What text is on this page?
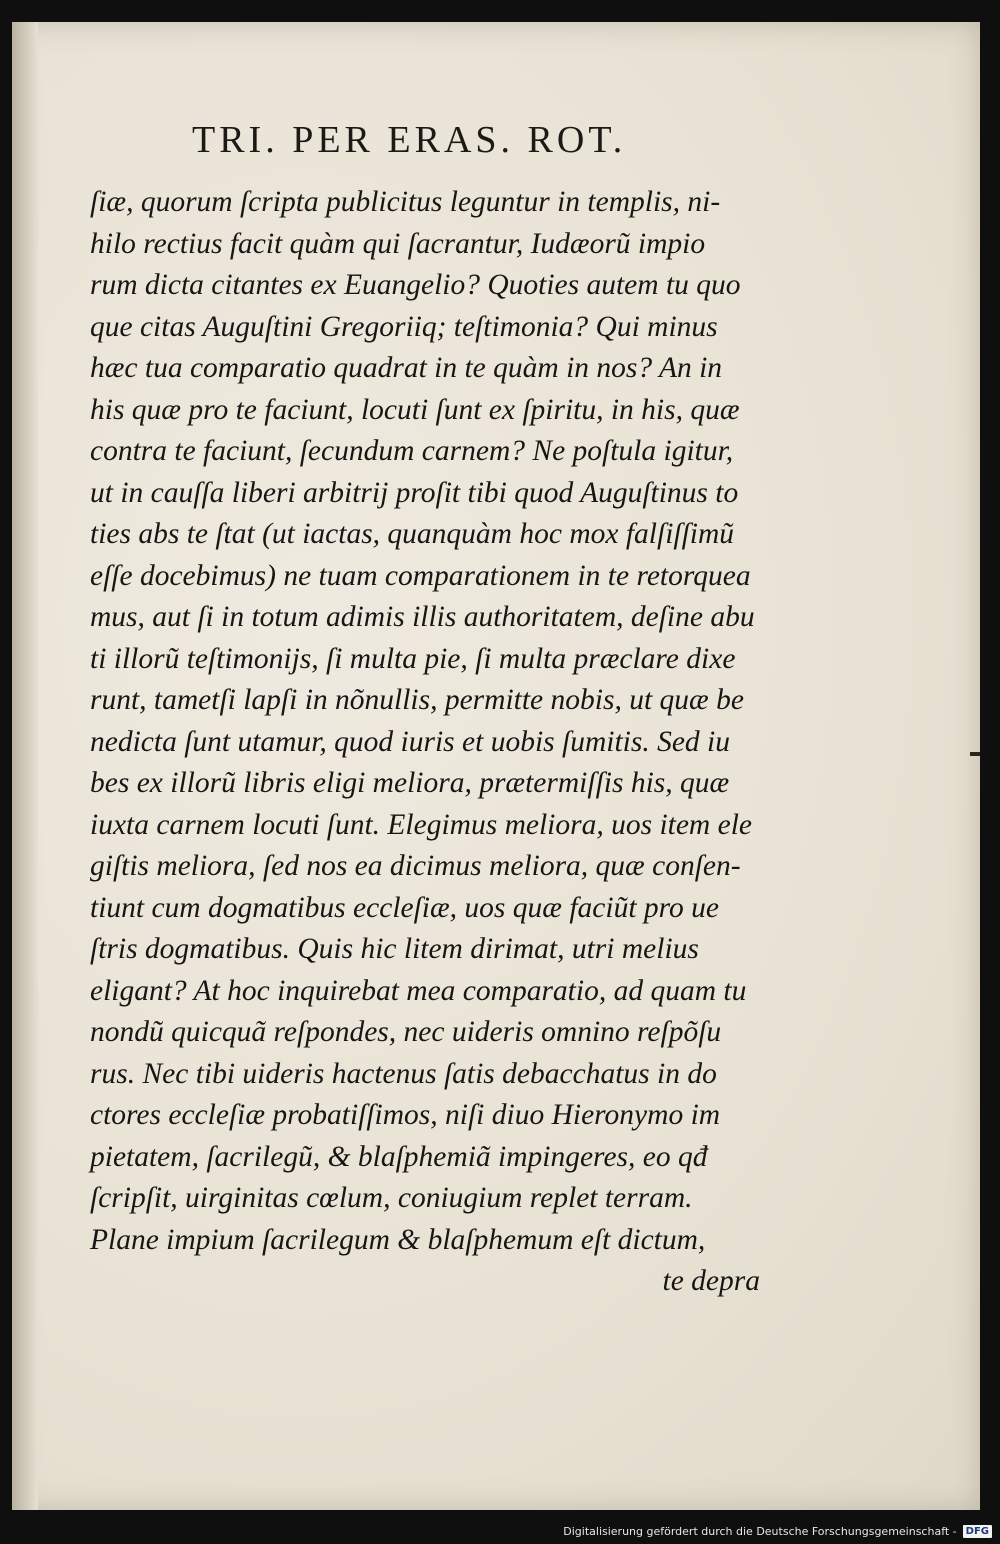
TRI. PER ERAS. ROT.
ſiæ, quorum ſcripta publicitus leguntur in templis, ni-
hilo rectius facit quàm qui ſacrantur, Iudæorũ impio
rum dicta citantes ex Euangelio? Quoties autem tu quo
que citas Auguſtini Gregoriiq; teſtimonia? Qui minus
hæc tua comparatio quadrat in te quàm in nos? An in
his quæ pro te faciunt, locuti ſunt ex ſpiritu, in his, quæ
contra te faciunt, ſecundum carnem? Ne poſtula igitur,
ut in cauſſa liberi arbitrij proſit tibi quod Auguſtinus to
ties abs te ſtat (ut iactas, quanquàm hoc mox falſiſſimũ
eſſe docebimus) ne tuam comparationem in te retorquea
mus, aut ſi in totum adimis illis authoritatem, deſine abu
ti illorũ teſtimonijs, ſi multa pie, ſi multa præclare dixe
runt, tametſi lapſi in nõnullis, permitte nobis, ut quæ be
nedicta ſunt utamur, quod iuris et uobis ſumitis. Sed iu
bes ex illorũ libris eligi meliora, prætermiſſis his, quæ
iuxta carnem locuti ſunt. Elegimus meliora, uos item ele
giſtis meliora, ſed nos ea dicimus meliora, quæ conſen-
tiunt cum dogmatibus eccleſiæ, uos quæ faciũt pro ue
ſtris dogmatibus. Quis hic litem dirimat, utri melius
eligant? At hoc inquirebat mea comparatio, ad quam tu
nondũ quicquã reſpondes, nec uideris omnino reſpõſu
rus. Nec tibi uideris hactenus ſatis debacchatus in do
ctores eccleſiæ probatiſſimos, niſi diuo Hieronymo im
pietatem, ſacrilegũ, & blaſphemiã impingeres, eo qđ
ſcripſit, uirginitas cœlum, coniugium replet terram.
Plane impium ſacrilegum & blaſphemum eſt dictum,
te depra
Digitalisierung gefördert durch die Deutsche Forschungsgemeinschaft - DFG
